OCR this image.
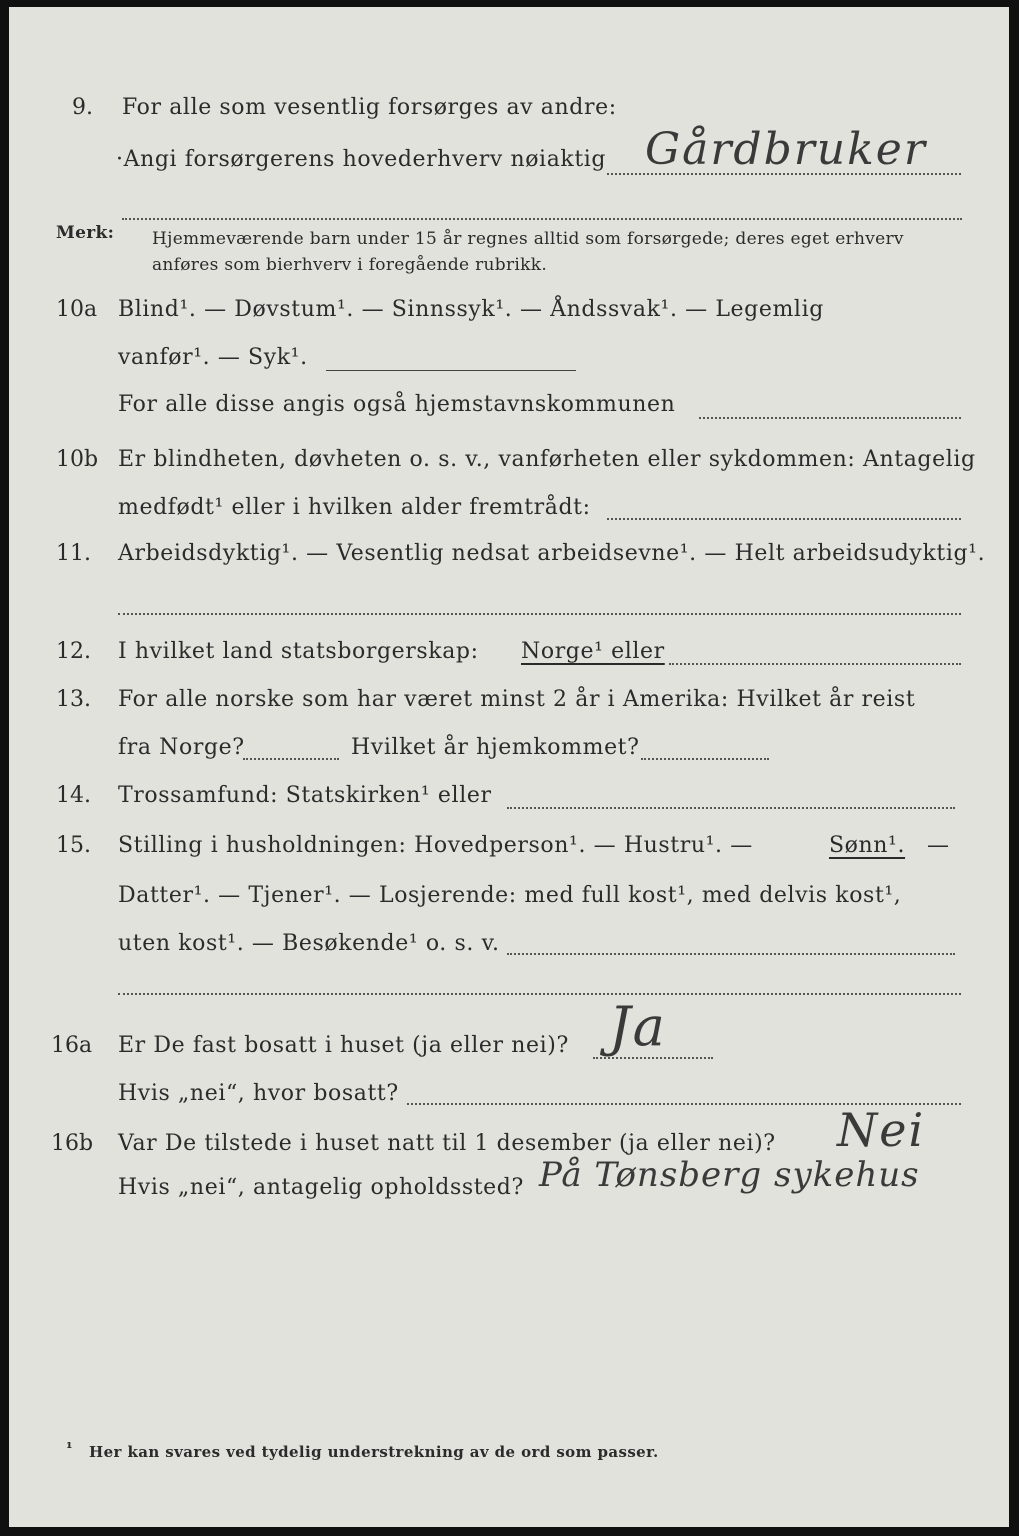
9. For alle som vesentlig forsørges av andre:
·Angi forsørgerens hovederhverv nøiaktig Gårdbruker
Merk: Hjemmeværende barn under 15 år regnes alltid som forsørgede; deres eget erhverv
anføres som bierhverv i foregående rubrikk.
10a Blind¹. — Døvstum¹. — Sinnssyk¹. — Åndssvak¹. — Legemlig
vanfør¹. — Syk¹.
For alle disse angis også hjemstavnskommunen
10b Er blindheten, døvheten o. s. v., vanførheten eller sykdommen: Antagelig
medfødt¹ eller i hvilken alder fremtrådt:
11. Arbeidsdyktig¹. — Vesentlig nedsat arbeidsevne¹. — Helt arbeidsudyktig¹.
12. I hvilket land statsborgerskap: Norge¹ eller
13. For alle norske som har været minst 2 år i Amerika: Hvilket år reist
fra Norge?	Hvilket år hjemkommet?
14. Trossamfund: Statskirken¹ eller
15. Stilling i husholdningen: Hovedperson¹. — Hustru¹. —	Sønn¹. —
Datter¹. — Tjener¹. — Losjerende: med full kost¹, med delvis kost¹,
uten kost¹. — Besøkende¹ o. s. v.
16a Er De fast bosatt i huset (ja eller nei)? Ja
Hvis „nei“, hvor bosatt?
16b Var De tilstede i huset natt til 1 desember (ja eller nei)? Nei
Hvis „nei“, antagelig opholdssted? På Tønsberg sykehus
¹ Her kan svares ved tydelig understrekning av de ord som passer.
